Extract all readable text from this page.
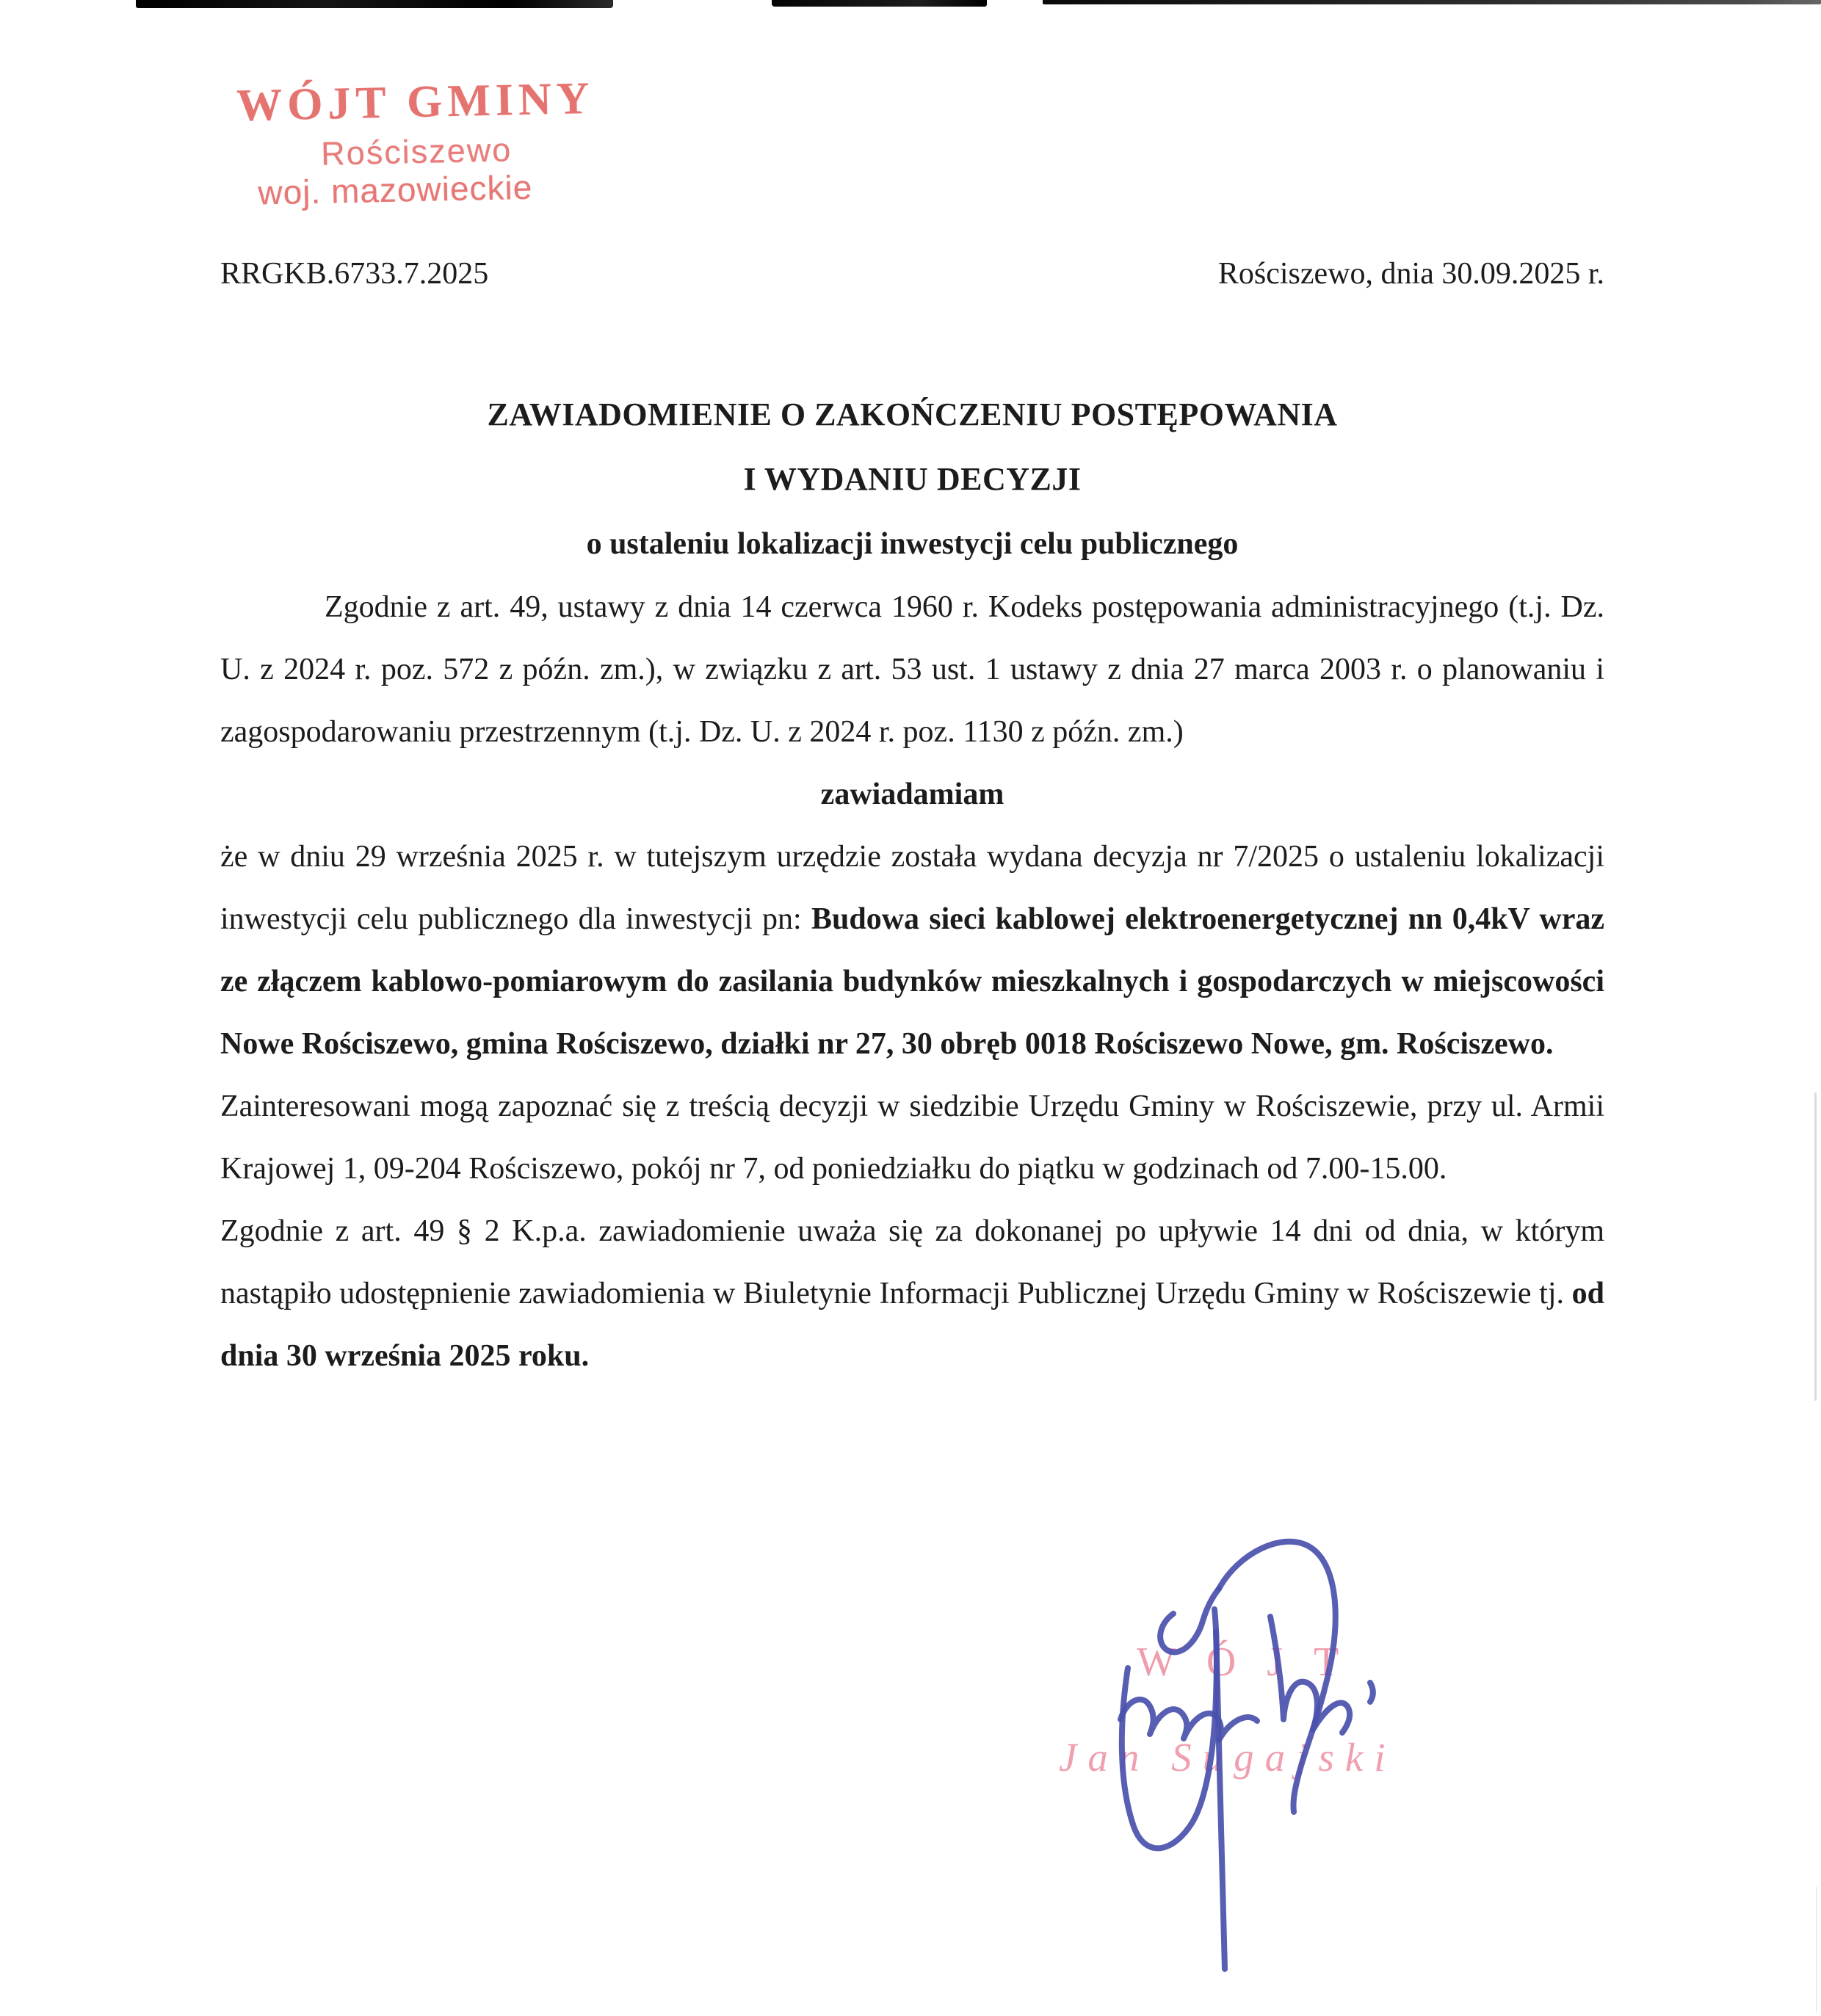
WÓJT GMINY
Rościszewo
woj. mazowieckie
RRGKB.6733.7.2025	Rościszewo, dnia 30.09.2025 r.
ZAWIADOMIENIE O ZAKOŃCZENIU POSTĘPOWANIA
I WYDANIU DECYZJI
o ustaleniu lokalizacji inwestycji celu publicznego

Zgodnie z art. 49, ustawy z dnia 14 czerwca 1960 r. Kodeks postępowania administracyjnego (t.j. Dz. U. z 2024 r. poz. 572 z późn. zm.), w związku z art. 53 ust. 1 ustawy z dnia 27 marca 2003 r. o planowaniu i zagospodarowaniu przestrzennym (t.j. Dz. U. z 2024 r. poz. 1130 z późn. zm.)

zawiadamiam

że w dniu 29 września 2025 r. w tutejszym urzędzie została wydana decyzja nr 7/2025 o ustaleniu lokalizacji inwestycji celu publicznego dla inwestycji pn: Budowa sieci kablowej elektroenergetycznej nn 0,4kV wraz ze złączem kablowo-pomiarowym do zasilania budynków mieszkalnych i gospodarczych w miejscowości Nowe Rościszewo, gmina Rościszewo, działki nr 27, 30 obręb 0018 Rościszewo Nowe, gm. Rościszewo.

Zainteresowani mogą zapoznać się z treścią decyzji w siedzibie Urzędu Gminy w Rościszewie, przy ul. Armii Krajowej 1, 09-204 Rościszewo, pokój nr 7, od poniedziałku do piątku w godzinach od 7.00-15.00.

Zgodnie z art. 49 § 2 K.p.a. zawiadomienie uważa się za dokonanej po upływie 14 dni od dnia, w którym nastąpiło udostępnienie zawiadomienia w Biuletynie Informacji Publicznej Urzędu Gminy w Rościszewie tj. od dnia 30 września 2025 roku.

WÓJT
Jan Sugajski
